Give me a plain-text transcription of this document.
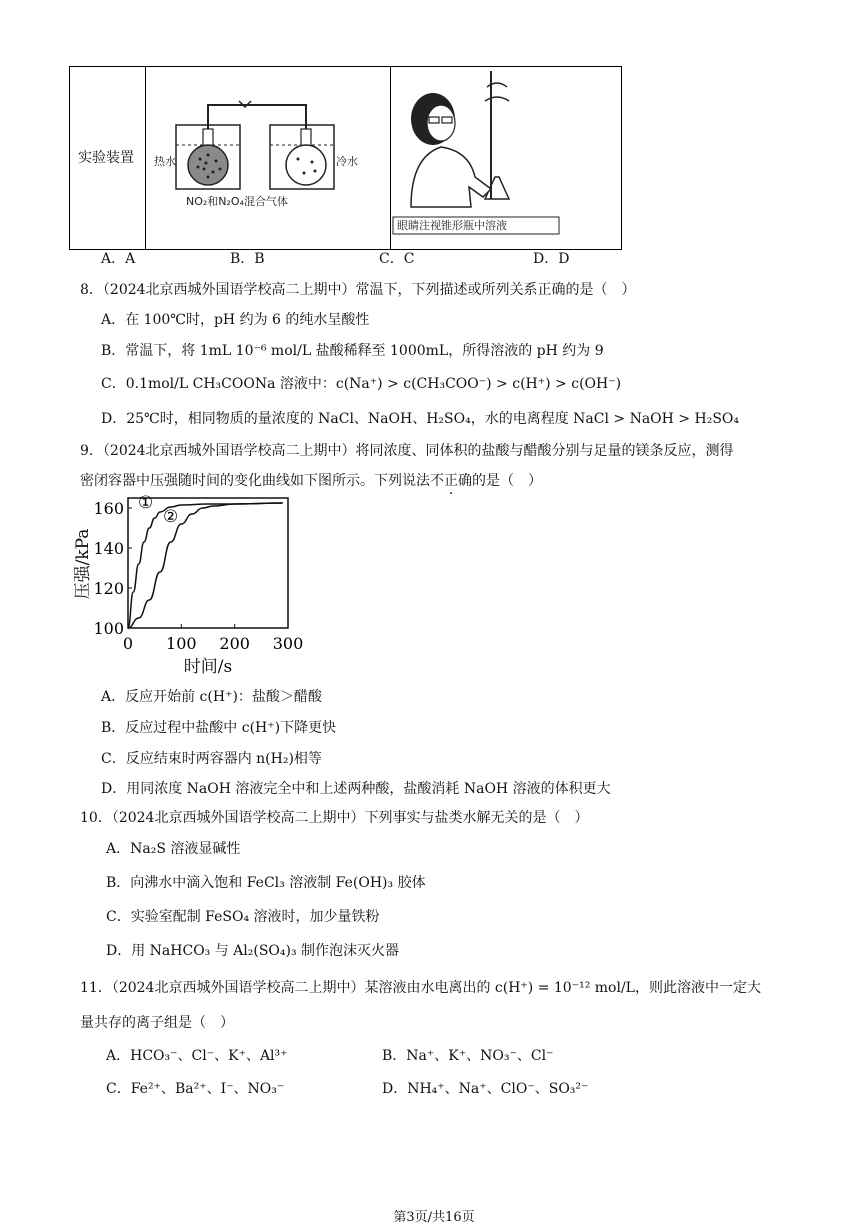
实验装置	热水	冷水
NO₂和N₂O₄混合气体

眼睛注视锥形瓶中溶液
A．A	B．B	C．C	D．D
8．（2024北京西城外国语学校高二上期中）常温下，下列描述或所列关系正确的是（　）
A．在 100℃时，pH 约为 6 的纯水呈酸性
B．常温下，将 1mL 10⁻⁶ mol/L 盐酸稀释至 1000mL，所得溶液的 pH 约为 9
C．0.1mol/L CH₃COONa 溶液中：c(Na⁺) > c(CH₃COO⁻) > c(H⁺) > c(OH⁻)
D．25℃时，相同物质的量浓度的 NaCl、NaOH、H₂SO₄，水的电离程度 NaCl > NaOH > H₂SO₄
9．（2024北京西城外国语学校高二上期中）将同浓度、同体积的盐酸与醋酸分别与足量的镁条反应，测得
密闭容器中压强随时间的变化曲线如下图所示。下列说法不正确的是（　）
0 100 200 300
100
120
140
160 ①
②
压强/kPa
时间/s
A．反应开始前 c(H⁺)：盐酸＞醋酸
B．反应过程中盐酸中 c(H⁺)下降更快
C．反应结束时两容器内 n(H₂)相等
D．用同浓度 NaOH 溶液完全中和上述两种酸，盐酸消耗 NaOH 溶液的体积更大
10．（2024北京西城外国语学校高二上期中）下列事实与盐类水解无关的是（　）
A．Na₂S 溶液显碱性
B．向沸水中滴入饱和 FeCl₃ 溶液制 Fe(OH)₃ 胶体
C．实验室配制 FeSO₄ 溶液时，加少量铁粉
D．用 NaHCO₃ 与 Al₂(SO₄)₃ 制作泡沫灭火器
11．（2024北京西城外国语学校高二上期中）某溶液由水电离出的 c(H⁺) = 10⁻¹² mol/L，则此溶液中一定大
量共存的离子组是（　）
A．HCO₃⁻、Cl⁻、K⁺、Al³⁺	B．Na⁺、K⁺、NO₃⁻、Cl⁻
C．Fe²⁺、Ba²⁺、I⁻、NO₃⁻	D．NH₄⁺、Na⁺、ClO⁻、SO₃²⁻
第3页/共16页
